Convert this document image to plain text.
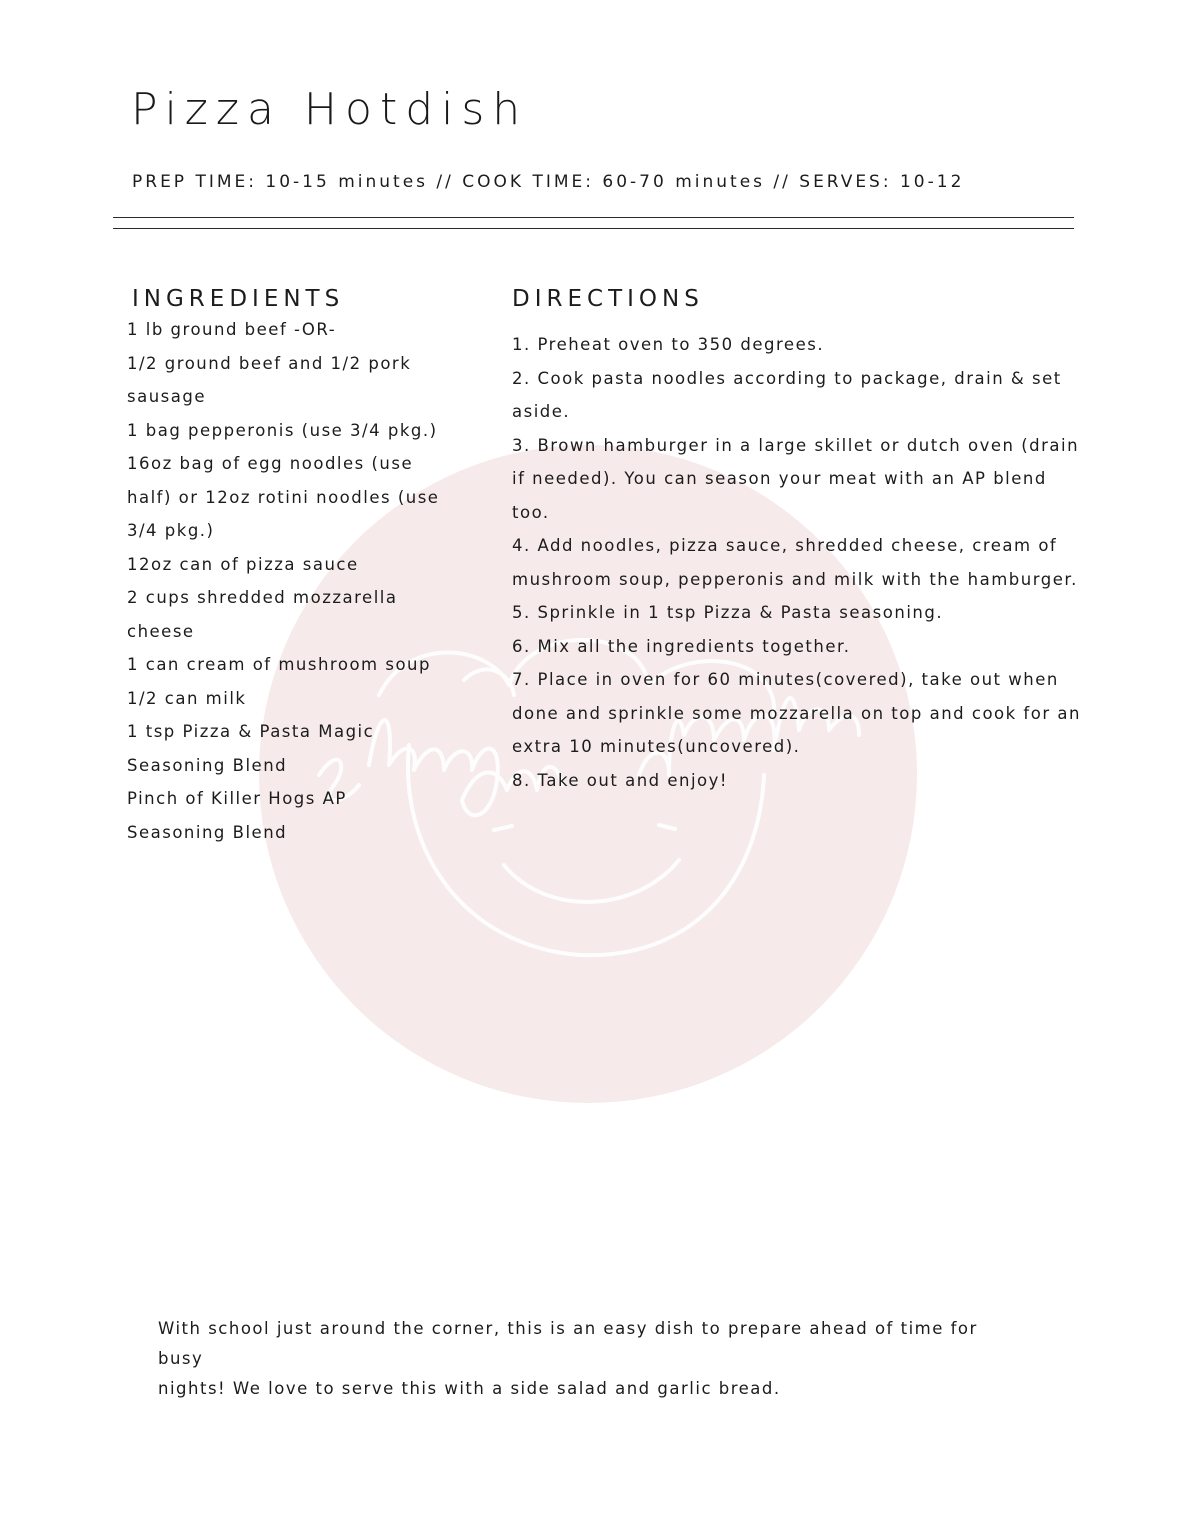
Pizza Hotdish
PREP TIME: 10-15 minutes // COOK TIME: 60-70 minutes // SERVES: 10-12
INGREDIENTS
1 lb ground beef -OR-
1/2 ground beef and 1/2 pork
sausage
1 bag pepperonis (use 3/4 pkg.)
16oz bag of egg noodles (use
half) or 12oz rotini noodles (use
3/4 pkg.)
12oz can of pizza sauce
2 cups shredded mozzarella
cheese
1 can cream of mushroom soup
1/2 can milk
1 tsp Pizza & Pasta Magic
Seasoning Blend
Pinch of Killer Hogs AP
Seasoning Blend
DIRECTIONS
1. Preheat oven to 350 degrees.
2. Cook pasta noodles according to package, drain & set
aside.
3. Brown hamburger in a large skillet or dutch oven (drain
if needed). You can season your meat with an AP blend too.
4. Add noodles, pizza sauce, shredded cheese, cream of
mushroom soup, pepperonis and milk with the hamburger.
5. Sprinkle in 1 tsp Pizza & Pasta seasoning.
6. Mix all the ingredients together.
7. Place in oven for 60 minutes(covered), take out when
done and sprinkle some mozzarella on top and cook for an
extra 10 minutes(uncovered).
8. Take out and enjoy!

With school just around the corner, this is an easy dish to prepare ahead of time for busy
nights! We love to serve this with a side salad and garlic bread.
